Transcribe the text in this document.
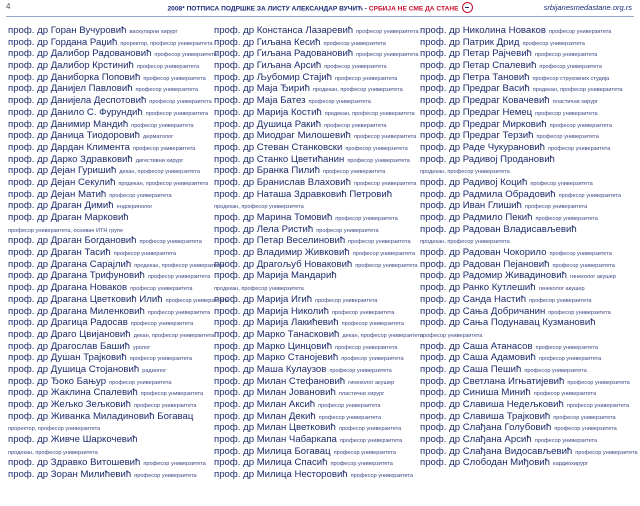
4	2008* ПОТПИСА ПОДРШКЕ ЗА ЛИСТУ АЛЕКСАНДАР ВУЧИЋ - СРБИЈА НЕ СМЕ ДА СТАНЕ	srbijanesmedastane.org.rs
проф. др Горан Вучуровић васкуларни хирург
проф. др Гордана Раџић проректор, професор универзитета
проф. др Далибор Радовановић професор универзитета
проф. др Далибор Крстинић професор универзитета
проф. др Даниборка Поповић професор универзитета
проф. др Данијел Павловић професор универзитета
проф. др Данијела Деспотовић професор универзитета
проф. др Данило С. Фурундић професор универзитета
проф. др Данимир Мандић професор универзитета
проф. др Даница Тиодоровић дерматолог
проф. др Дардан Климента професор универзитета
проф. др Дарко Здравковић дигестивни хирург
проф. др Дејан Гуришић декан, професор универзитета
проф. др Дејан Секулић продекан, професор универзитета
проф. др Дејан Матић професор универзитета
проф. др Драган Димић ендокринолог
проф. др Драган Марковић
професор универзитета, оснивач ИТН групе
проф. др Драган Богдановић професор универзитета
проф. др Драган Тасић професор универзитета
проф. др Драгана Сарајлић продекан, професор универзитета
проф. др Драгана Трифуновић професор универзитета
проф. др Драгана Новаков професор универзитета
проф. др Драгана Цветковић Илић професор универзитета
проф. др Драгана Миленковић професор универзитета
проф. др Драгица Радосав професор универзитета
проф. др Драго Цвијановић декан, професор универзитета
проф. др Драгослав Башић уролог
проф. др Душан Трајковић професор универзитета
проф. др Душица Стојановић радиолог
проф. др Ђоко Бањур професор универзитета
проф. др Жаклина Спалевић професор универзитета
проф. др Жељко Зељковић професор универзитета
проф. др Живанка Миладиновић Богавац
проректор, професор универзитета
проф. др Живче Шаркочевић
продекан, професор универзитета
проф. др Здравко Витошевић професор универзитета
проф. др Зоран Милићевић професор универзитета
проф. др Констанса Лазаревић професор универзитета
проф. др Гиљана Кесић професор универзитета
проф. др Гиљана Радовановић професор универзитета
проф. др Гиљана Арсић професор универзитета
проф. др Љубомир Стајић професор универзитета
проф. др Маја Ђирић продекан, професор универзитета
проф. др Маја Батез професор универзитета
проф. др Марија Костић продекан, професор универзитета
проф. др Душица Ракић професор универзитета
проф. др Миодраг Милошевић професор универзитета
проф. др Стеван Станковски професор универзитета
проф. др Станко Цветићанин професор универзитета
проф. др Бранка Пилић професор универзитета
проф. др Бранислав Влаховић професор универзитета
проф. др Наташа Здравковић Петровић
продекан, професор универзитета
проф. др Марина Томовић професор универзитета
проф. др Лела Ристић професор универзитета
проф. др Петар Веселиновић професор универзитета
проф. др Владимир Живковић професор универзитета
проф. др Драгољуб Новаковић професор универзитета
проф. др Марија Мандарић
продекан, професор универзитета
проф. др Марија Игић професор универзитета
проф. др Марија Николић професор универзитета
проф. др Марија Лакићевић професор универзитета
проф. др Марко Танасковић декан, професор универзитета
проф. др Марко Цинцовић професор универзитета
проф. др Марко Станојевић професор универзитета
проф. др Маша Кулаузов професор универзитета
проф. др Милан Стефановић гинеколог акушер
проф. др Милан Јовановић пластични хирург
проф. др Милан Аксић професор универзитета
проф. др Милан Декић професор универзитета
проф. др Милан Цветковић професор универзитета
проф. др Милан Чабаркапа професор универзитета
проф. др Милица Богавац професор универзитета
проф. др Милица Спасић професор универзитета
проф. др Милица Несторовић професор универзитета
проф. др Николина Новаков професор универзитета
проф. др Патрик Дрид професор универзитета
проф. др Петар Рајчевић професор универзитета
проф. др Петар Спалевић професор универзитета
проф. др Петра Тановић професор струковних студија
проф. др Предраг Васић продекан, професор универзитета
проф. др Предраг Ковачевић пластични хирург
проф. др Предраг Немец професор универзитета
проф. др Предраг Мирковић професор универзитета
проф. др Предраг Терзић професор универзитета
проф. др Раде Чукурановић професор универзитета
проф. др Радивој Продановић
продекан, професор универзитета
проф. др Радивој Коцић професор универзитета
проф. др Радмила Обрадовић професор универзитета
проф. др Иван Глишић професор универзитета
проф. др Радмило Пекић професор универзитета
проф. др Радован Владисављевић
продекан, професор универзитета
проф. др Радован Чокорило професор универзитета
проф. др Радован Пејановић професор универзитета
проф. др Радомир Живадиновић гинеколог акушер
проф. др Ранко Кутлешић гинеколог акушер
проф. др Санда Настић професор универзитета
проф. др Сања Добричанин професор универзитета
проф. др Сања Подунавац Кузмановић
професор универзитета
проф. др Саша Атанасов професор универзитета
проф. др Саша Адамовић професор универзитета
проф. др Саша Пешић професор универзитета
проф. др Светлана Игњатијевић професор универзитета
проф. др Синиша Минић професор универзитета
проф. др Славиша Недељковић професор универзитета
проф. др Славиша Трајковић професор универзитета
проф. др Слађана Голубовић професор универзитета
проф. др Слађана Арсић професор универзитета
проф. др Слађана Видосављевић професор универзитета
проф. др Слободан Миђовић кардиохирург
